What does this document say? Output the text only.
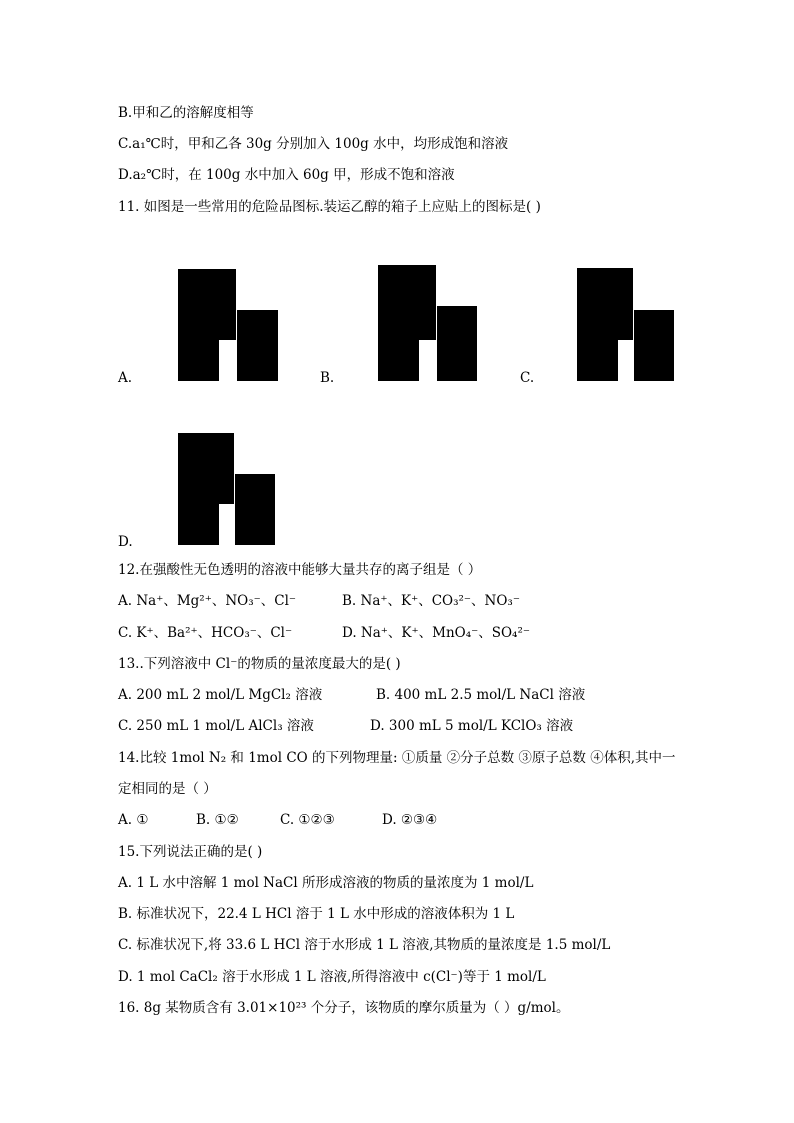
B.甲和乙的溶解度相等
C.a₁℃时，甲和乙各 30g 分别加入 100g 水中，均形成饱和溶液
D.a₂℃时，在 100g 水中加入 60g 甲，形成不饱和溶液
11. 如图是一些常用的危险品图标.装运乙醇的箱子上应贴上的图标是( )
A.	B.	C.
D.
12.在强酸性无色透明的溶液中能够大量共存的离子组是（ ）
A. Na⁺、Mg²⁺、NO₃⁻、Cl⁻	B. Na⁺、K⁺、CO₃²⁻、NO₃⁻
C. K⁺、Ba²⁺、HCO₃⁻、Cl⁻	D. Na⁺、K⁺、MnO₄⁻、SO₄²⁻
13..下列溶液中 Cl⁻的物质的量浓度最大的是( )
A. 200 mL 2 mol/L MgCl₂ 溶液	B. 400 mL 2.5 mol/L NaCl 溶液
C. 250 mL 1 mol/L AlCl₃ 溶液	D. 300 mL 5 mol/L KClO₃ 溶液
14.比较 1mol N₂ 和 1mol CO 的下列物理量: ①质量 ②分子总数 ③原子总数 ④体积,其中一
定相同的是（ ）
A. ①	B. ①②	C. ①②③	D. ②③④
15.下列说法正确的是( )
A. 1 L 水中溶解 1 mol NaCl 所形成溶液的物质的量浓度为 1 mol/L
B. 标准状况下，22.4 L HCl 溶于 1 L 水中形成的溶液体积为 1 L
C. 标准状况下,将 33.6 L HCl 溶于水形成 1 L 溶液,其物质的量浓度是 1.5 mol/L
D. 1 mol CaCl₂ 溶于水形成 1 L 溶液,所得溶液中 c(Cl⁻)等于 1 mol/L
16. 8g 某物质含有 3.01×10²³ 个分子，该物质的摩尔质量为（ ）g/mol。
